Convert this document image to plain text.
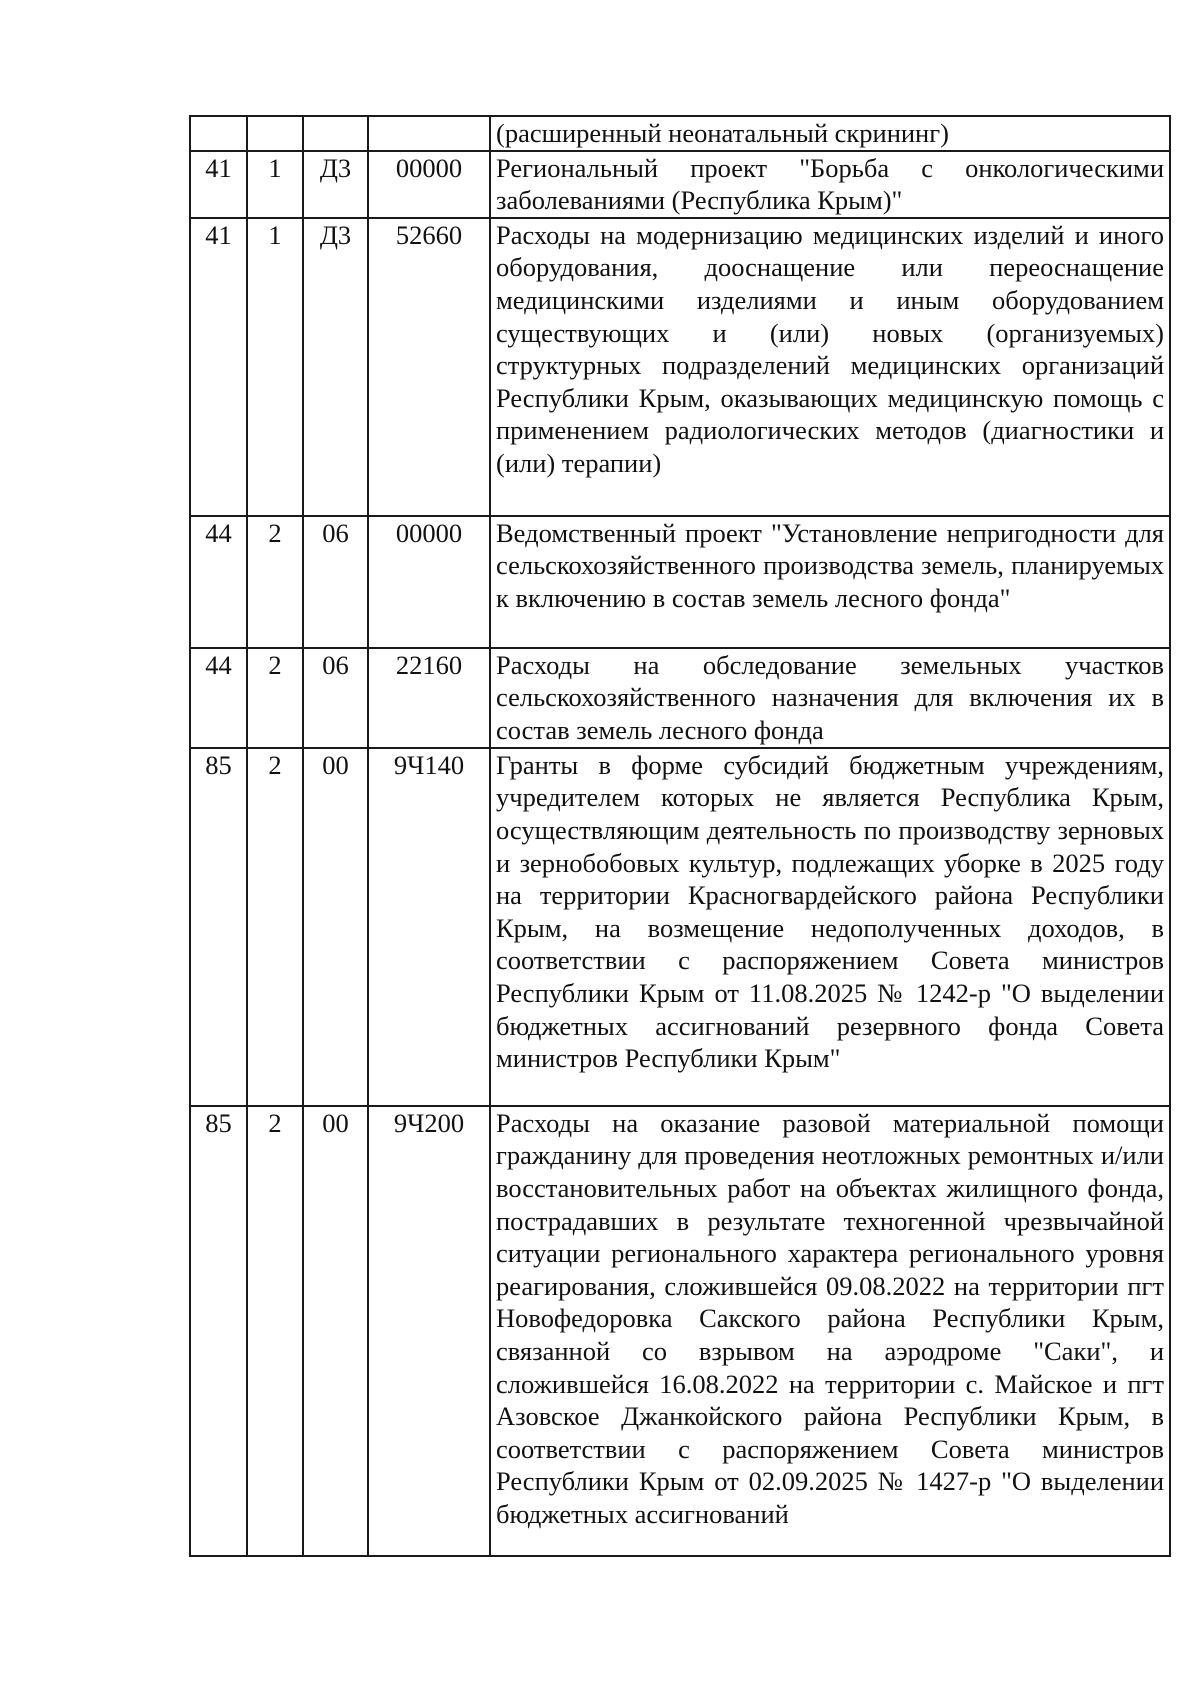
				(расширенный неонатальный скрининг)
41	1	Д3	00000	Региональный проект "Борьба с онкологическими заболеваниями (Республика Крым)"
41	1	Д3	52660	Расходы на модернизацию медицинских изделий и иного оборудования, дооснащение или переоснащение медицинскими изделиями и иным оборудованием существующих и (или) новых (организуемых) структурных подразделений медицинских организаций Республики Крым, оказывающих медицинскую помощь с применением радиологических методов (диагностики и (или) терапии)
44	2	06	00000	Ведомственный проект "Установление непригодности для сельскохозяйственного производства земель, планируемых к включению в состав земель лесного фонда"
44	2	06	22160	Расходы на обследование земельных участков сельскохозяйственного назначения для включения их в состав земель лесного фонда
85	2	00	9Ч140	Гранты в форме субсидий бюджетным учреждениям, учредителем которых не является Республика Крым, осуществляющим деятельность по производству зерновых и зернобобовых культур, подлежащих уборке в 2025 году на территории Красногвардейского района Республики Крым, на возмещение недополученных доходов, в соответствии с распоряжением Совета министров Республики Крым от 11.08.2025 № 1242-р "О выделении бюджетных ассигнований резервного фонда Совета министров Республики Крым"
85	2	00	9Ч200	Расходы на оказание разовой материальной помощи гражданину для проведения неотложных ремонтных и/или восстановительных работ на объектах жилищного фонда, пострадавших в результате техногенной чрезвычайной ситуации регионального характера регионального уровня реагирования, сложившейся 09.08.2022 на территории пгт Новофедоровка Сакского района Республики Крым, связанной со взрывом на аэродроме "Саки", и сложившейся 16.08.2022 на территории с. Майское и пгт Азовское Джанкойского района Республики Крым, в соответствии с распоряжением Совета министров Республики Крым от 02.09.2025 № 1427-р "О выделении бюджетных ассигнований
